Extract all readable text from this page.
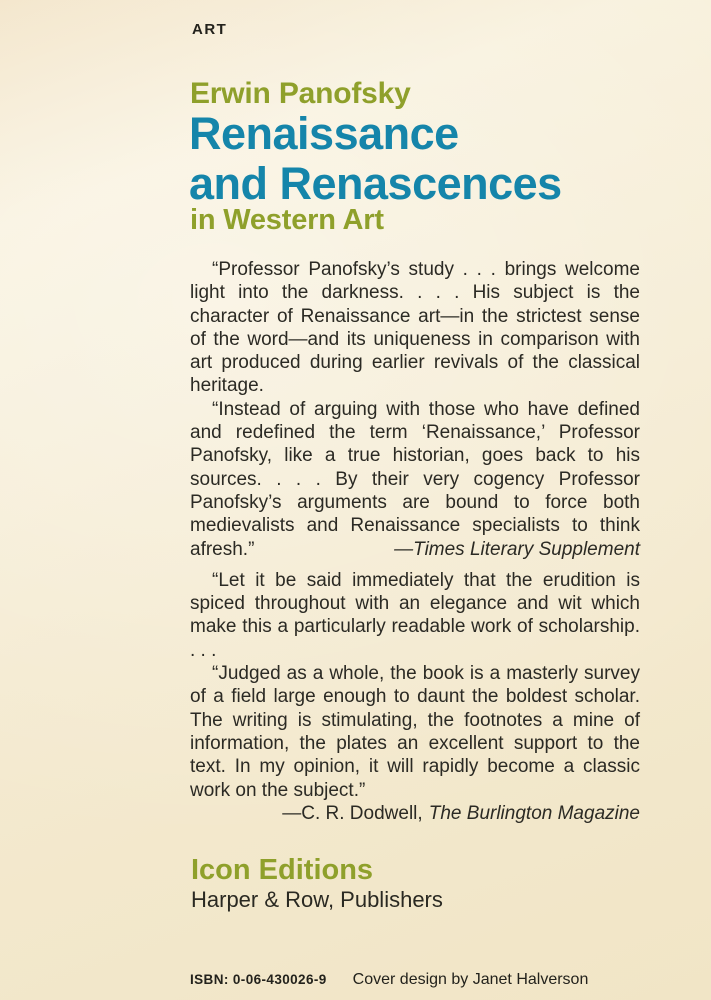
ART
Erwin Panofsky
Renaissance
and Renascences
in Western Art

“Professor Panofsky’s study . . . brings welcome light into the darkness. . . . His subject is the character of Renaissance art—in the strictest sense of the word—and its uniqueness in comparison with art produced during earlier revivals of the classical heritage.

“Instead of arguing with those who have defined and redefined the term ‘Renaissance,’ Professor Panofsky, like a true historian, goes back to his sources. . . . By their very cogency Professor Panofsky’s arguments are bound to force both medievalists and Renaissance specialists to think afresh.”	—Times Literary Supplement

“Let it be said immediately that the erudition is spiced throughout with an elegance and wit which make this a particularly readable work of scholarship. . . .

“Judged as a whole, the book is a masterly survey of a field large enough to daunt the boldest scholar. The writing is stimulating, the footnotes a mine of information, the plates an excellent support to the text. In my opinion, it will rapidly become a classic work on the subject.”

—C. R. Dodwell, The Burlington Magazine
Icon Editions
Harper & Row, Publishers
ISBN: 0-06-430026-9 Cover design by Janet Halverson
